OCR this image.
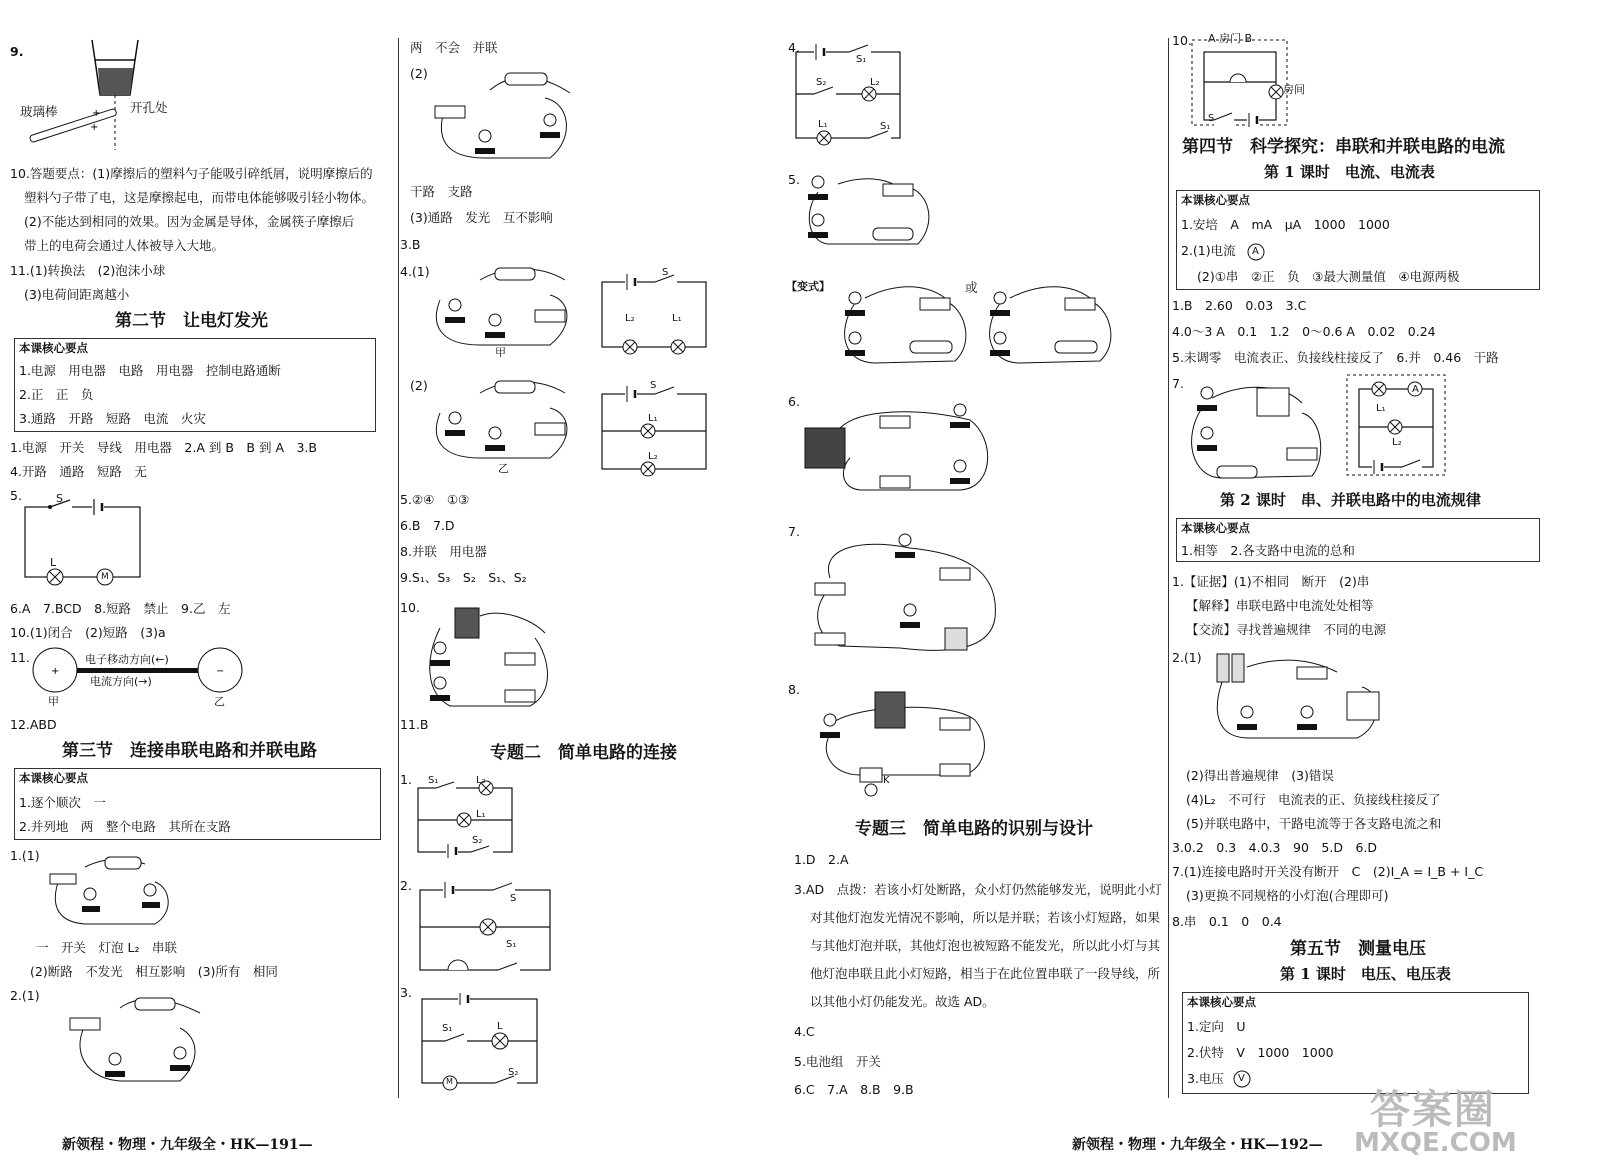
9.
+
+
玻璃棒	开孔处
10.答题要点：(1)摩擦后的塑料勺子能吸引碎纸屑，说明摩擦后的
塑料勺子带了电，这是摩擦起电，而带电体能够吸引轻小物体。
(2)不能达到相同的效果。因为金属是导体，金属筷子摩擦后
带上的电荷会通过人体被导入大地。
11.(1)转换法　(2)泡沫小球
(3)电荷间距离越小
第二节　让电灯发光
本课核心要点
1.电源　用电器　电路　用电器　控制电路通断
2.正　正　负
3.通路　开路　短路　电流　火灾
1.电源　开关　导线　用电器　2.A 到 B　B 到 A　3.B
4.开路　通路　短路　无
5.	S
L
M
6.A　7.BCD　8.短路　禁止　9.乙　左
10.(1)闭合　(2)短路　(3)a
11.
+	−
电子移动方向(←)
电流方向(→)
甲	乙
12.ABD
第三节　连接串联电路和并联电路
本课核心要点
1.逐个顺次　一
2.并列地　两　整个电路　其所在支路
1.(1)
一　开关　灯泡 L₂　串联
(2)断路　不发光　相互影响　(3)所有　相同
2.(1)
两　不会　并联
(2)
干路　支路
(3)通路　发光　互不影响
3.B
4.(1)
甲
S
L₂	L₁
(2)
乙
S
L₁
L₂
5.②④　①③
6.B　7.D
8.并联　用电器
9.S₁、S₃　S₂　S₁、S₂
10.
11.B
专题二　简单电路的连接
1. S₁	L₂
L₁
S₂
2.
S
S₁
3.
S₁	L
M
S₂
新领程・物理・九年级全・HK—191—
4.
S₁
S₂	L₂
L₁	S₁
5.
【变式】	或
6.
7.
8.
K
专题三　简单电路的识别与设计
1.D　2.A
3.AD　点拨：若该小灯处断路，众小灯仍然能够发光，说明此小灯
对其他灯泡发光情况不影响，所以是并联；若该小灯短路，如果
与其他灯泡并联，其他灯泡也被短路不能发光，所以此小灯与其
他灯泡串联且此小灯短路，相当于在此位置串联了一段导线，所
以其他小灯仍能发光。故选 AD。
4.C
5.电池组　开关
6.C　7.A　8.B　9.B
10. A 房门 B
房间
S
第四节　科学探究：串联和并联电路的电流
第 1 课时　电流、电流表
本课核心要点
1.安培　A　mA　μA　1000　1000
2.(1)电流 A
(2)①串　②正　负　③最大测量值　④电源两极
1.B　2.60　0.03　3.C
4.0～3 A　0.1　1.2　0～0.6 A　0.02　0.24
5.未调零　电流表正、负接线柱接反了　6.并　0.46　干路
7.	A
L₁
L₂
第 2 课时　串、并联电路中的电流规律
本课核心要点
1.相等　2.各支路中电流的总和
1.【证据】(1)不相同　断开　(2)串
【解释】串联电路中电流处处相等
【交流】寻找普遍规律　不同的电源
2.(1)
(2)得出普遍规律　(3)错误
(4)L₂　不可行　电流表的正、负接线柱接反了
(5)并联电路中，干路电流等于各支路电流之和
3.0.2　0.3　4.0.3　90　5.D　6.D
7.(1)连接电路时开关没有断开　C　(2)I_A = I_B + I_C
(3)更换不同规格的小灯泡(合理即可)
8.串　0.1　0　0.4
第五节　测量电压
第 1 课时　电压、电压表
本课核心要点
1.定向　U
2.伏特　V　1000　1000
3.电压 V
新领程・物理・九年级全・HK—192—
答案圈
MXQE.COM
